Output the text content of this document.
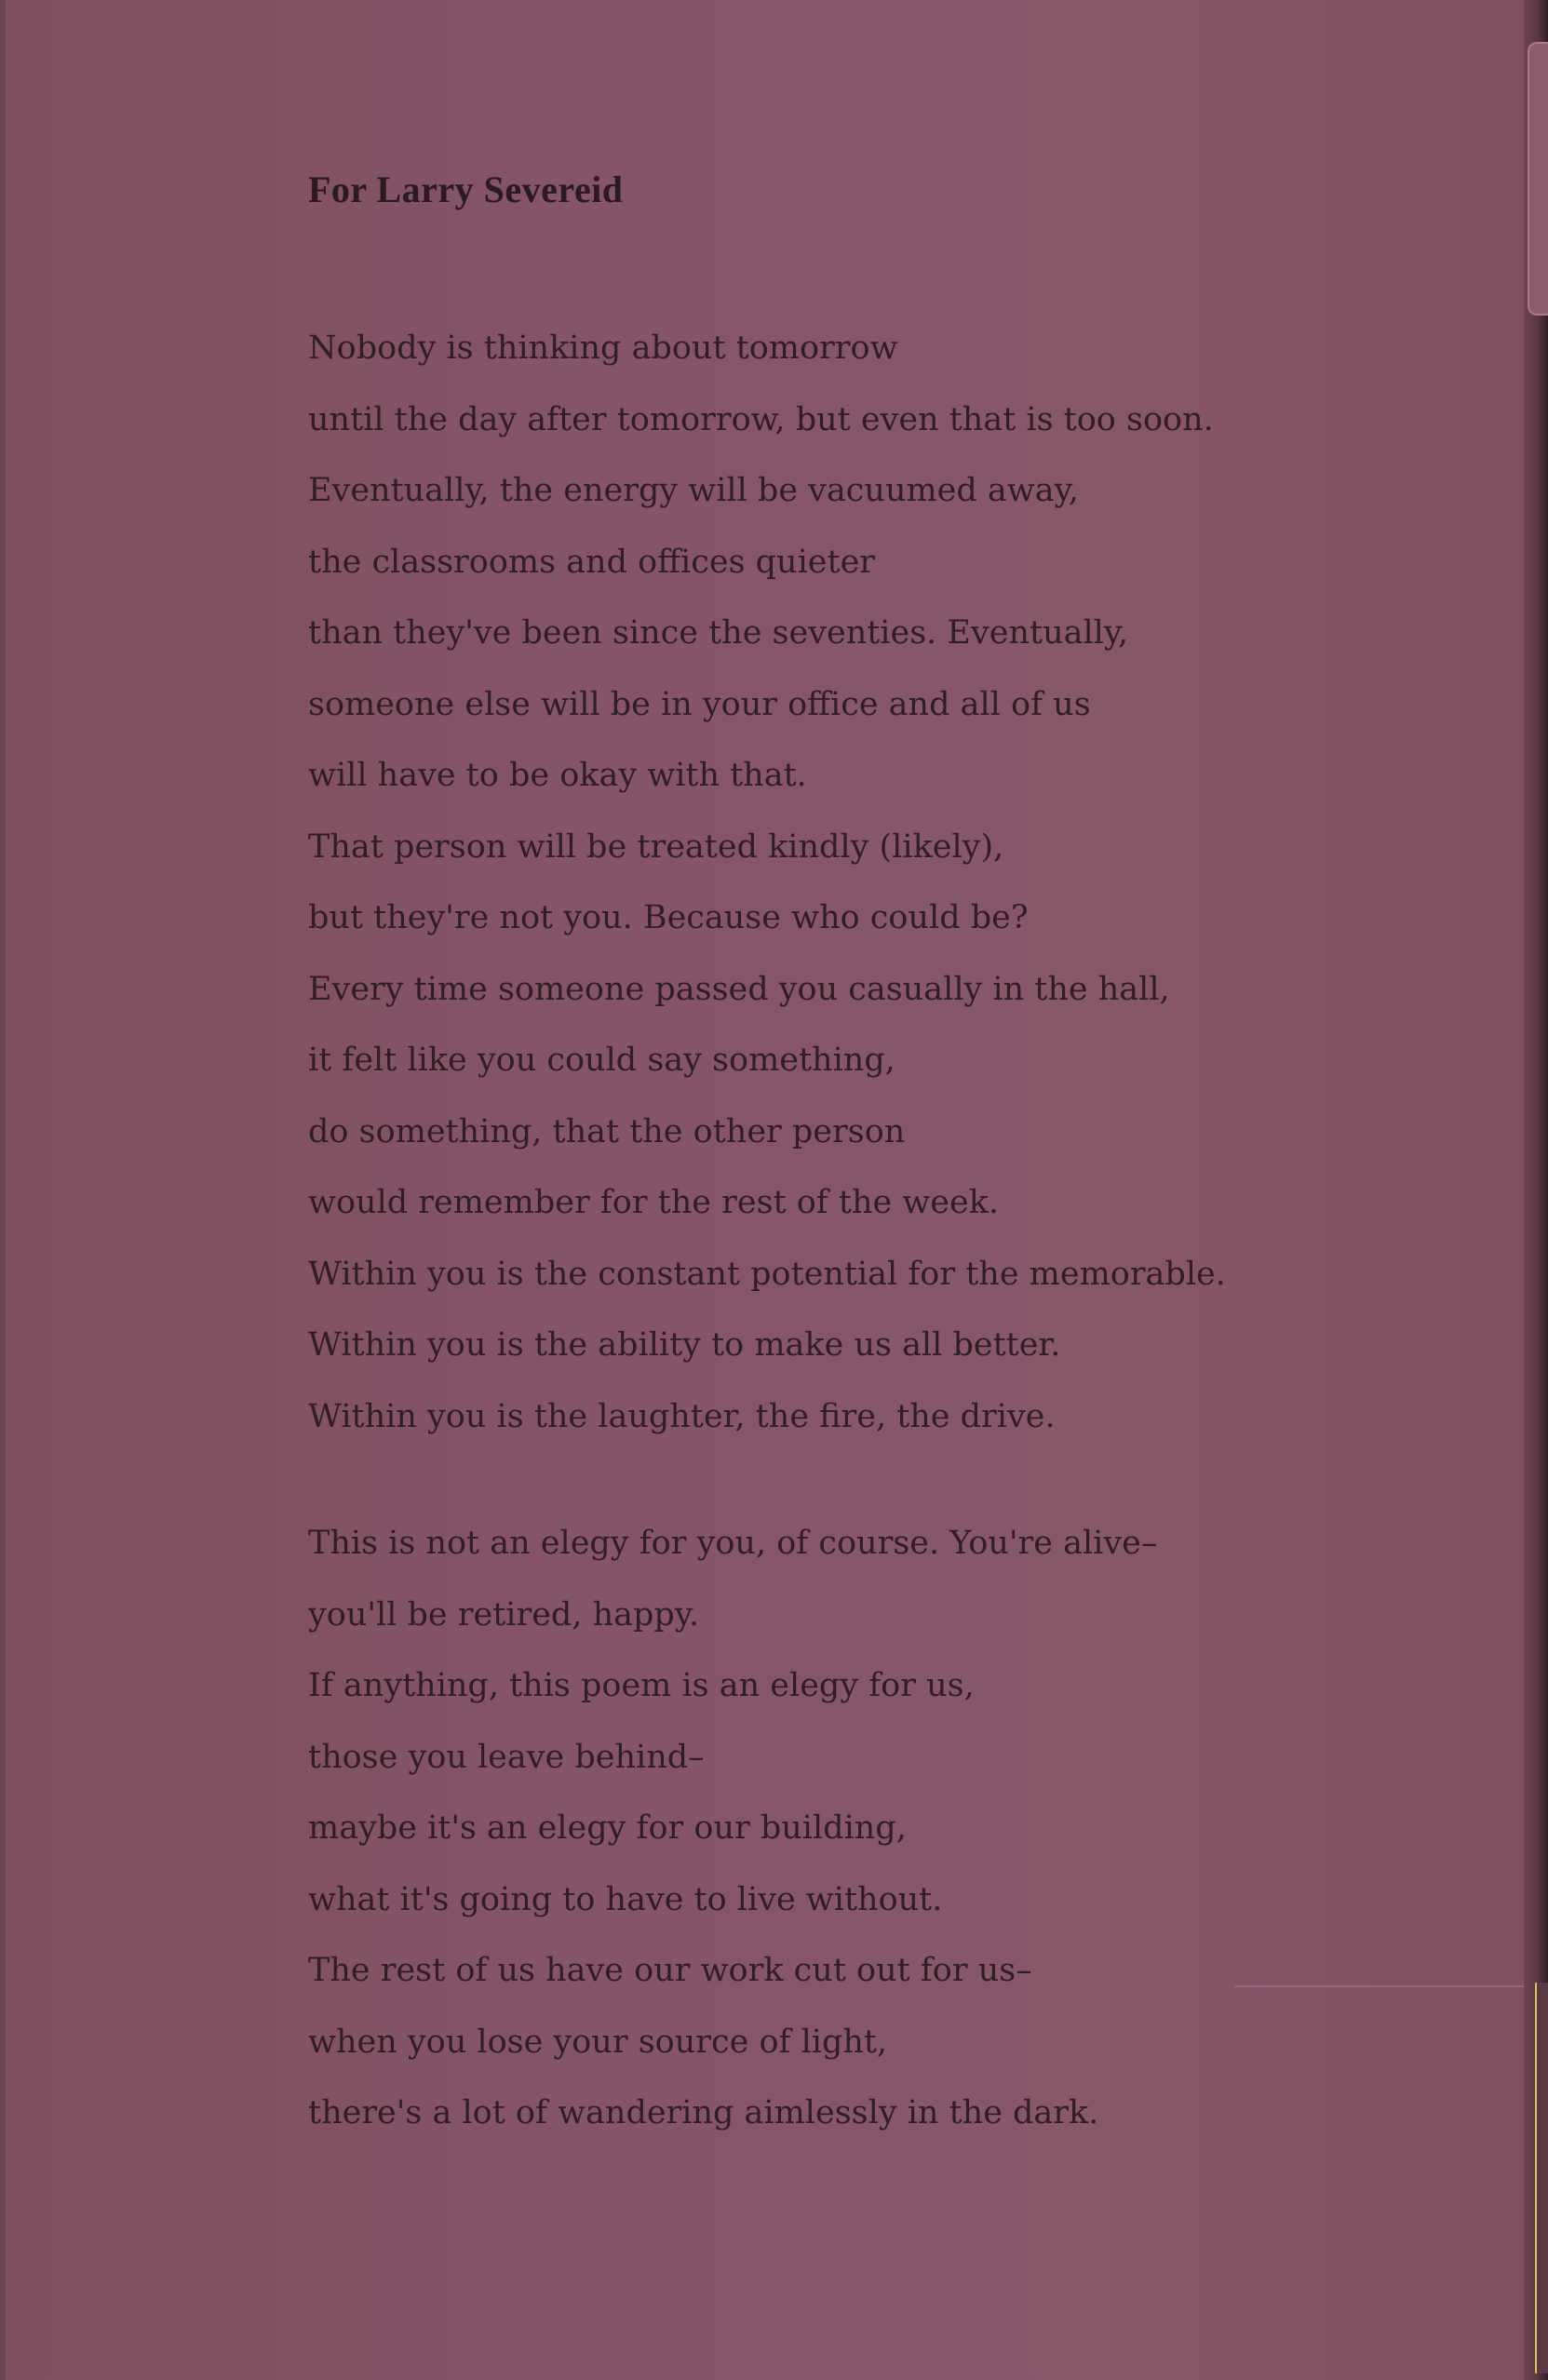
For Larry Severeid
Nobody is thinking about tomorrow
until the day after tomorrow, but even that is too soon.
Eventually, the energy will be vacuumed away,
the classrooms and offices quieter
than they've been since the seventies. Eventually,
someone else will be in your office and all of us
will have to be okay with that.
That person will be treated kindly (likely),
but they're not you. Because who could be?
Every time someone passed you casually in the hall,
it felt like you could say something,
do something, that the other person
would remember for the rest of the week.
Within you is the constant potential for the memorable.
Within you is the ability to make us all better.
Within you is the laughter, the fire, the drive.
This is not an elegy for you, of course. You're alive–
you'll be retired, happy.
If anything, this poem is an elegy for us,
those you leave behind–
maybe it's an elegy for our building,
what it's going to have to live without.
The rest of us have our work cut out for us–
when you lose your source of light,
there's a lot of wandering aimlessly in the dark.
